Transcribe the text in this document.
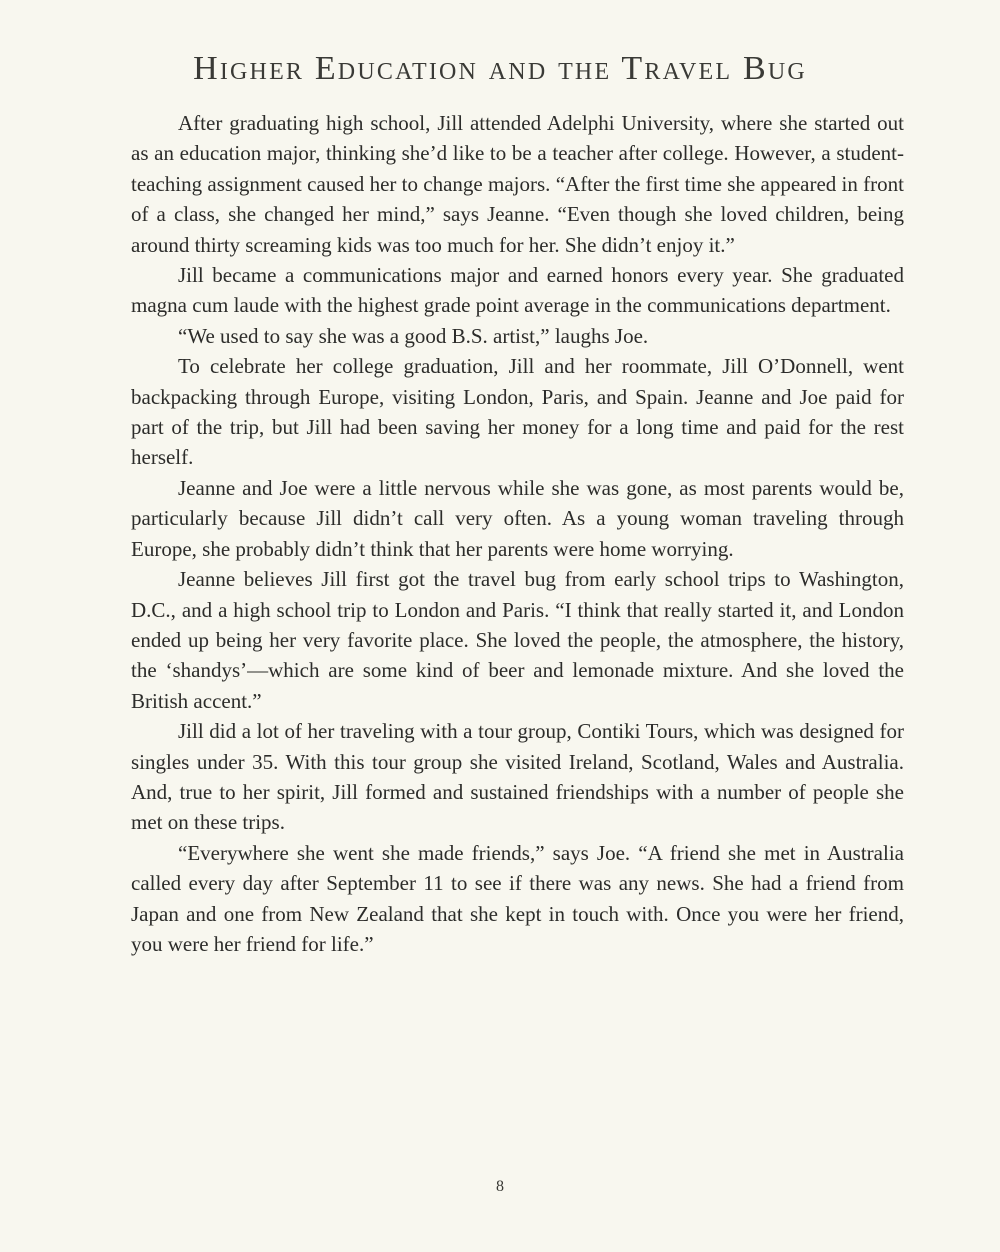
Higher Education and the Travel Bug

After graduating high school, Jill attended Adelphi University, where she started out as an education major, thinking she’d like to be a teacher after college. However, a student-teaching assignment caused her to change majors. “After the first time she appeared in front of a class, she changed her mind,” says Jeanne. “Even though she loved children, being around thirty screaming kids was too much for her. She didn’t enjoy it.”

Jill became a communications major and earned honors every year. She graduated magna cum laude with the highest grade point average in the communications department.

“We used to say she was a good B.S. artist,” laughs Joe.

To celebrate her college graduation, Jill and her roommate, Jill O’Donnell, went backpacking through Europe, visiting London, Paris, and Spain. Jeanne and Joe paid for part of the trip, but Jill had been saving her money for a long time and paid for the rest herself.

Jeanne and Joe were a little nervous while she was gone, as most parents would be, particularly because Jill didn’t call very often. As a young woman traveling through Europe, she probably didn’t think that her parents were home worrying.

Jeanne believes Jill first got the travel bug from early school trips to Washington, D.C., and a high school trip to London and Paris. “I think that really started it, and London ended up being her very favorite place. She loved the people, the atmosphere, the history, the ‘shandys’—which are some kind of beer and lemonade mixture. And she loved the British accent.”

Jill did a lot of her traveling with a tour group, Contiki Tours, which was designed for singles under 35. With this tour group she visited Ireland, Scotland, Wales and Australia. And, true to her spirit, Jill formed and sustained friendships with a number of people she met on these trips.

“Everywhere she went she made friends,” says Joe. “A friend she met in Australia called every day after September 11 to see if there was any news. She had a friend from Japan and one from New Zealand that she kept in touch with. Once you were her friend, you were her friend for life.”

8
